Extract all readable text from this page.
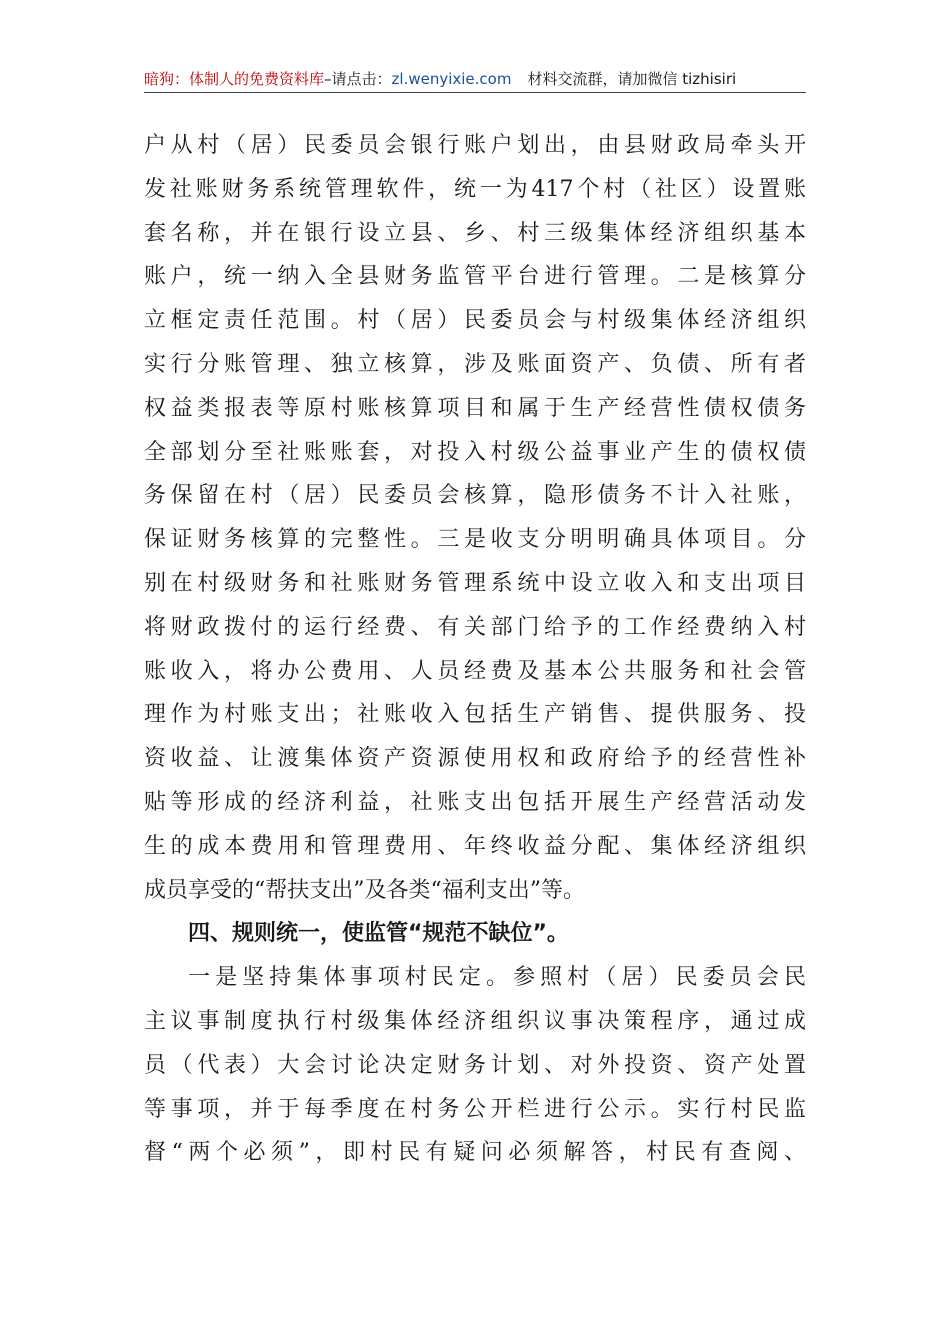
暗狗：体制人的免费资料库–请点击：zl.wenyixie.com 材料交流群，请加微信 tizhisiri
户从村（居）民委员会银行账户划出，由县财政局牵头开
发社账财务系统管理软件，统一为417个村（社区）设置账
套名称，并在银行设立县、乡、村三级集体经济组织基本
账户，统一纳入全县财务监管平台进行管理。二是核算分
立框定责任范围。村（居）民委员会与村级集体经济组织
实行分账管理、独立核算，涉及账面资产、负债、所有者
权益类报表等原村账核算项目和属于生产经营性债权债务
全部划分至社账账套，对投入村级公益事业产生的债权债
务保留在村（居）民委员会核算，隐形债务不计入社账，
保证财务核算的完整性。三是收支分明明确具体项目。分
别在村级财务和社账财务管理系统中设立收入和支出项目
将财政拨付的运行经费、有关部门给予的工作经费纳入村
账收入，将办公费用、人员经费及基本公共服务和社会管
理作为村账支出；社账收入包括生产销售、提供服务、投
资收益、让渡集体资产资源使用权和政府给予的经营性补
贴等形成的经济利益，社账支出包括开展生产经营活动发
生的成本费用和管理费用、年终收益分配、集体经济组织
成员享受的“帮扶支出”及各类“福利支出”等。
四、规则统一，使监管“规范不缺位”。
一是坚持集体事项村民定。参照村（居）民委员会民
主议事制度执行村级集体经济组织议事决策程序，通过成
员（代表）大会讨论决定财务计划、对外投资、资产处置
等事项，并于每季度在村务公开栏进行公示。实行村民监
督“两个必须”，即村民有疑问必须解答，村民有查阅、
